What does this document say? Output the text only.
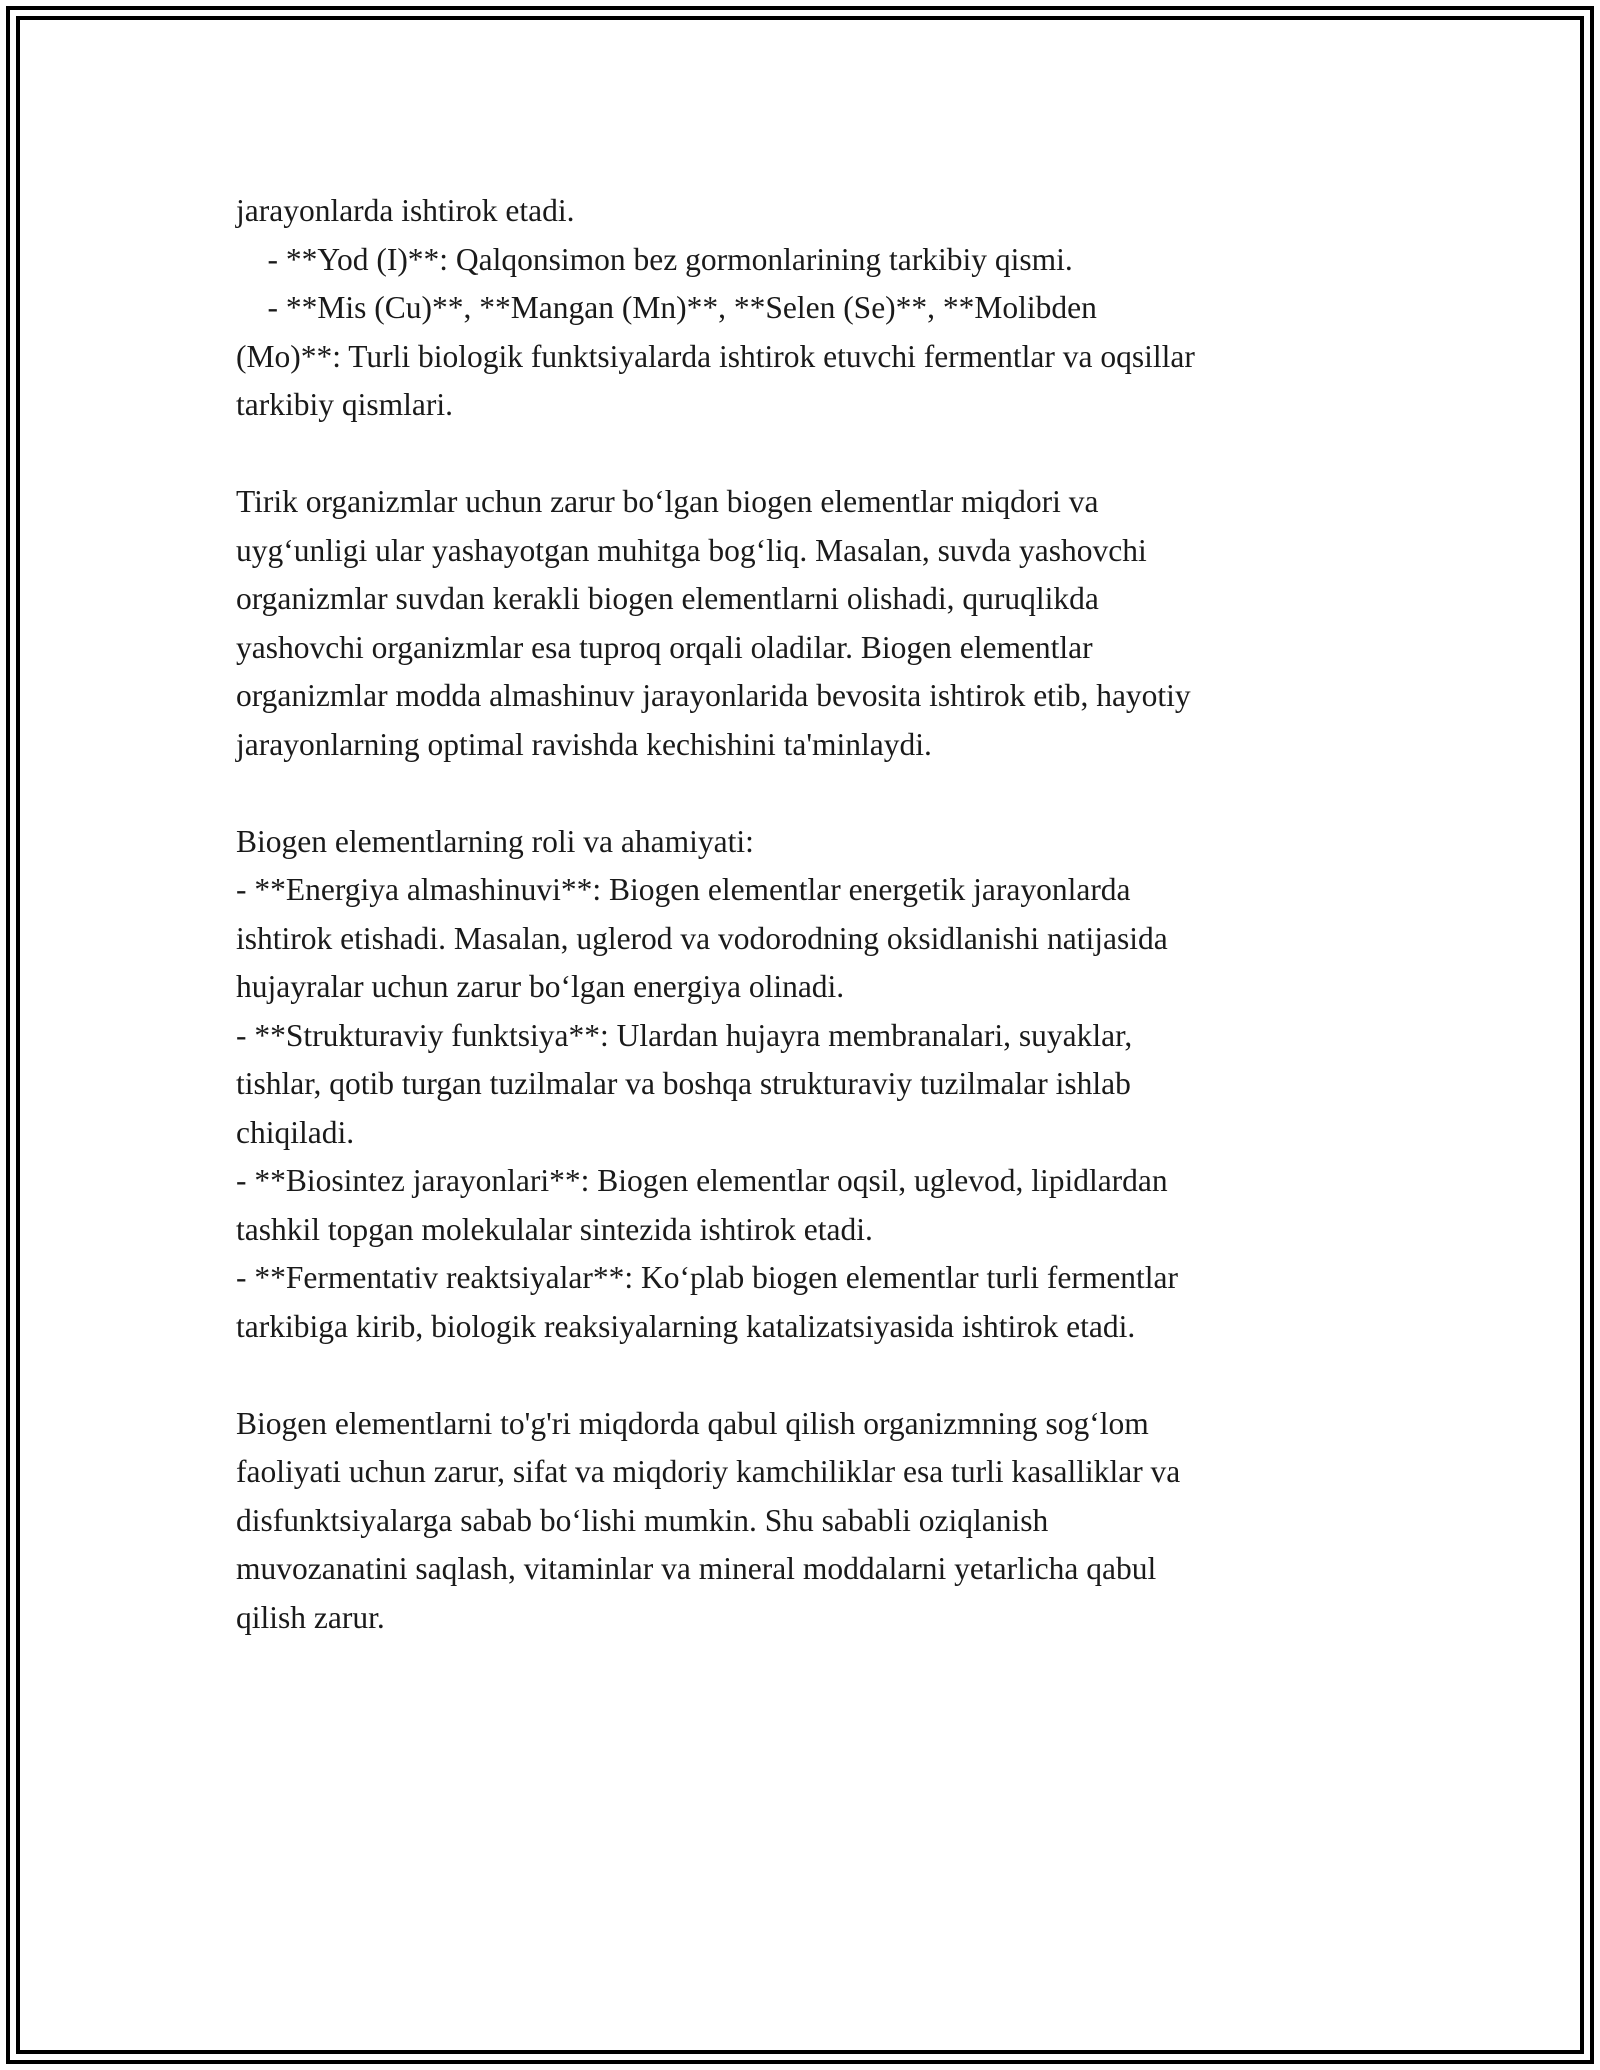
jarayonlarda ishtirok etadi.
- **Yod (I)**: Qalqonsimon bez gormonlarining tarkibiy qismi.
- **Mis (Cu)**, **Mangan (Mn)**, **Selen (Se)**, **Molibden
(Mo)**: Turli biologik funktsiyalarda ishtirok etuvchi fermentlar va oqsillar
tarkibiy qismlari.
Tirik organizmlar uchun zarur bo‘lgan biogen elementlar miqdori va
uyg‘unligi ular yashayotgan muhitga bog‘liq. Masalan, suvda yashovchi
organizmlar suvdan kerakli biogen elementlarni olishadi, quruqlikda
yashovchi organizmlar esa tuproq orqali oladilar. Biogen elementlar
organizmlar modda almashinuv jarayonlarida bevosita ishtirok etib, hayotiy
jarayonlarning optimal ravishda kechishini ta'minlaydi.
Biogen elementlarning roli va ahamiyati:
- **Energiya almashinuvi**: Biogen elementlar energetik jarayonlarda
ishtirok etishadi. Masalan, uglerod va vodorodning oksidlanishi natijasida
hujayralar uchun zarur bo‘lgan energiya olinadi.
- **Strukturaviy funktsiya**: Ulardan hujayra membranalari, suyaklar,
tishlar, qotib turgan tuzilmalar va boshqa strukturaviy tuzilmalar ishlab
chiqiladi.
- **Biosintez jarayonlari**: Biogen elementlar oqsil, uglevod, lipidlardan
tashkil topgan molekulalar sintezida ishtirok etadi.
- **Fermentativ reaktsiyalar**: Ko‘plab biogen elementlar turli fermentlar
tarkibiga kirib, biologik reaksiyalarning katalizatsiyasida ishtirok etadi.
Biogen elementlarni to'g'ri miqdorda qabul qilish organizmning sog‘lom
faoliyati uchun zarur, sifat va miqdoriy kamchiliklar esa turli kasalliklar va
disfunktsiyalarga sabab bo‘lishi mumkin. Shu sababli oziqlanish
muvozanatini saqlash, vitaminlar va mineral moddalarni yetarlicha qabul
qilish zarur.
